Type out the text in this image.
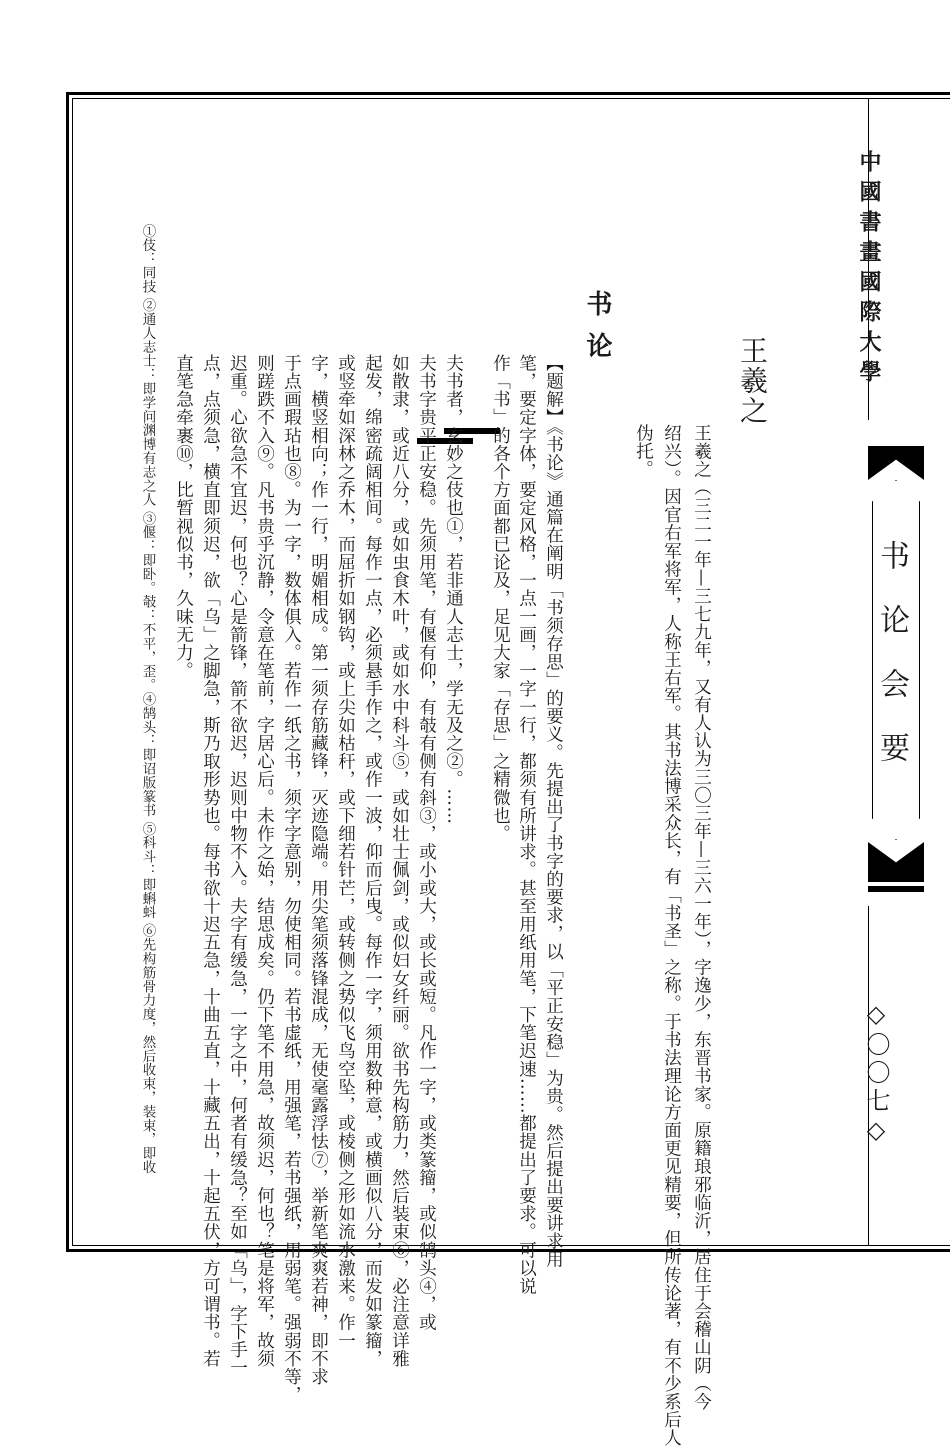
中國書畫國際大學
书论会要
◇〇〇七◇
王羲之
王羲之（三二一年—三七九年，又有人认为三〇三年—三六一年），字逸少，东晋书家。原籍琅邪临沂，居住于会稽山阴（今
绍兴）。因官右军将军，人称王右军。其书法博采众长，有「书圣」之称。于书法理论方面更见精要，但所传论著，有不少系后人
伪托。
书论
【题解】《书论》通篇在阐明「书须存思」的要义。先提出了书字的要求，以「平正安稳」为贵。然后提出要讲求用
笔，要定字体，要定风格，一点一画，一字一行，都须有所讲求。甚至用纸用笔，下笔迟速……都提出了要求。可以说
作「书」的各个方面都已论及，足见大家「存思」之精微也。
夫书者，玄妙之伎也①，若非通人志士，学无及之②。……
夫书字贵平正安稳。先须用笔，有偃有仰，有攲有侧有斜③，或小或大，或长或短。凡作一字，或类篆籀，或似鹄头④，或
如散隶，或近八分，或如虫食木叶，或如水中科斗⑤，或如壮士佩剑，或似妇女纤丽。欲书先构筋力，然后装束⑥，必注意详雅
起发，绵密疏阔相间。每作一点，必须悬手作之，或作一波，仰而后曳。每作一字，须用数种意，或横画似八分，而发如篆籀，
或竖牵如深林之乔木，而屈折如钢钩，或上尖如枯秆，或下细若针芒，或转侧之势似飞鸟空坠，或棱侧之形如流水激来。作一
字，横竖相向；作一行，明媚相成。第一须存筋藏锋，灭迹隐端。用尖笔须落锋混成，无使毫露浮怯⑦，举新笔爽爽若神，即不求
于点画瑕玷也⑧。为一字，数体俱入。若作一纸之书，须字字意别，勿使相同。若书虚纸，用强笔，若书强纸，用弱笔。强弱不等，
则蹉跌不入⑨。凡书贵乎沉静，令意在笔前，字居心后。未作之始，结思成矣。仍下笔不用急，故须迟，何也？笔是将军，故须
迟重。心欲急不宜迟，何也？心是箭锋，箭不欲迟，迟则中物不入。夫字有缓急，一字之中，何者有缓急？至如「乌」，字下手一
点，点须急，横直即须迟，欲「乌」之脚急，斯乃取形势也。每书欲十迟五急，十曲五直，十藏五出，十起五伏，方可谓书。若
直笔急牵裹⑩，比暂视似书，久味无力。
①伎：同技 ②通人志士：即学问渊博有志之人 ③偃：即卧。攲：不平，歪。④鹄头：即诏版篆书 ⑤科斗：即蝌蚪 ⑥先构筋骨力度，然后收束，装束，即收
